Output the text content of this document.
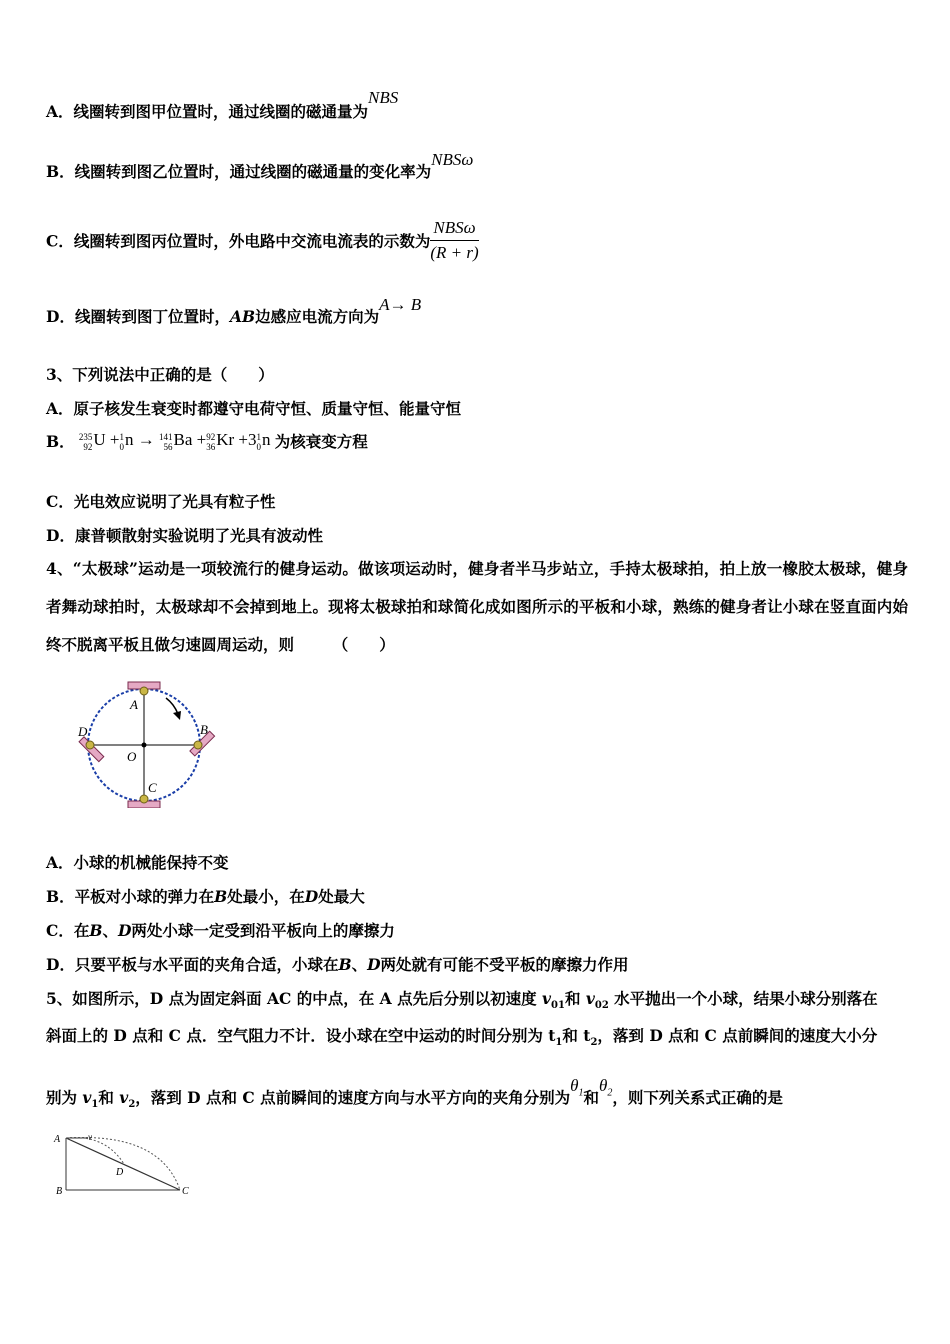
A．线圈转到图甲位置时，通过线圈的磁通量为NBS
B．线圈转到图乙位置时，通过线圈的磁通量的变化率为NBSω
C．线圈转到图丙位置时，外电路中交流电流表的示数为 $\frac{\text{NBSω}}{(R + r)}$
D．线圈转到图丁位置时，AB边感应电流方向为A→ B
3、下列说法中正确的是（　　）
A．原子核发生衰变时都遵守电荷守恒、质量守恒、能量守恒
B． 235
92 U + 1
0 n → 141
56 Ba + 92
36 Kr +3 1
0 n 为核衰变方程
C．光电效应说明了光具有粒子性
D．康普顿散射实验说明了光具有波动性
4、“太极球”运动是一项较流行的健身运动。做该项运动时，健身者半马步站立，手持太极球拍，拍上放一橡胶太极球，健身者舞动球拍时，太极球却不会掉到地上。现将太极球拍和球简化成如图所示的平板和小球，熟练的健身者让小球在竖直面内始终不脱离平板且做匀速圆周运动，则　　　（　　）
A
B
C
D
O
A．小球的机械能保持不变
B．平板对小球的弹力在B处最小，在D处最大
C．在B、D两处小球一定受到沿平板向上的摩擦力
D．只要平板与水平面的夹角合适，小球在B、D两处就有可能不受平板的摩擦力作用
5、如图所示，D 点为固定斜面 AC 的中点，在 A 点先后分别以初速度 $v_{01}$和 $v_{02}$ 水平抛出一个小球，结果小球分别落在
斜面上的 D 点和 C 点．空气阻力不计．设小球在空中运动的时间分别为 $t_1$和 $t_2$，落到 D 点和 C 点前瞬间的速度大小分
别为 $v_1$和 $v_2$，落到 D 点和 C 点前瞬间的速度方向与水平方向的夹角分别为$\theta_1$和$\theta_2$，则下列关系式正确的是
A	v
D
B	C
